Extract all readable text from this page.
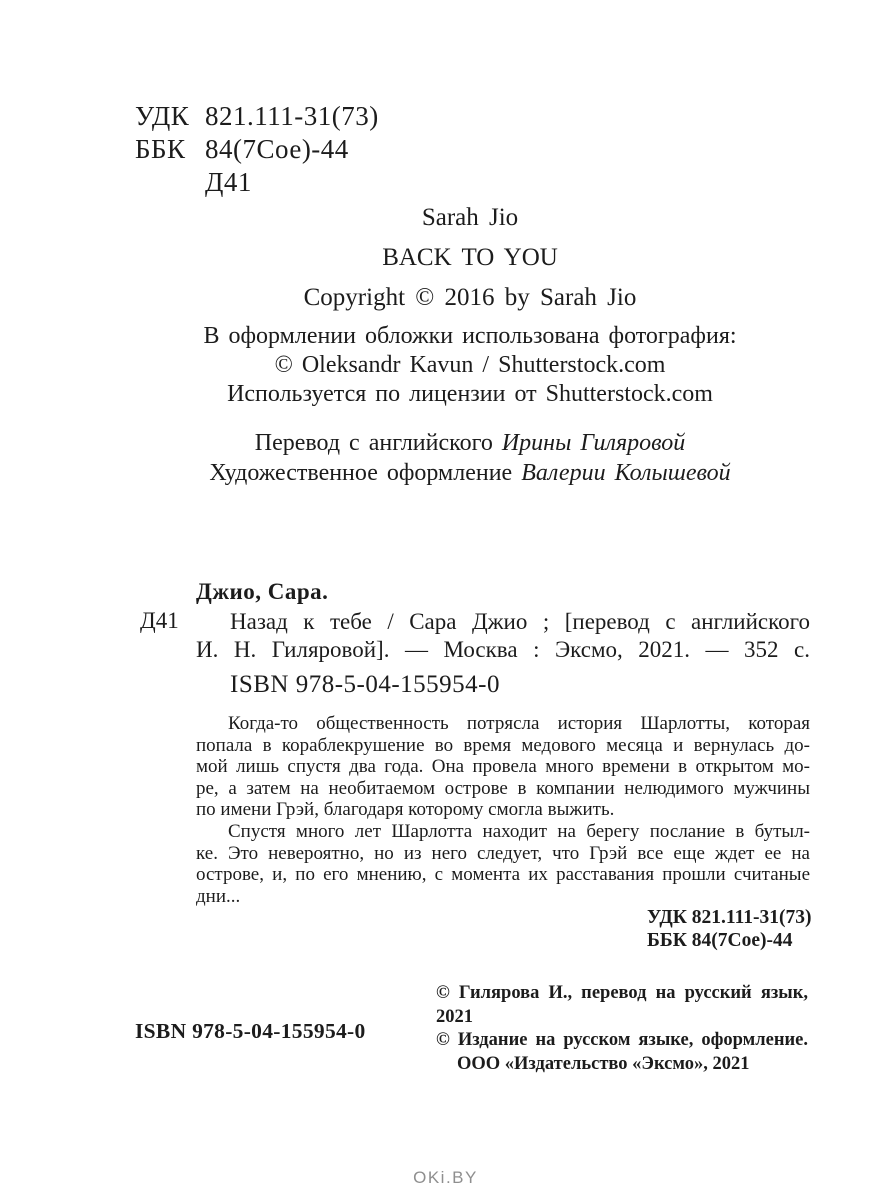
УДК 821.111-31(73)
ББК 84(7Сое)-44
Д41
Sarah Jio
BACK TO YOU
Copyright © 2016 by Sarah Jio
В оформлении обложки использована фотография:
© Oleksandr Kavun / Shutterstock.com
Используется по лицензии от Shutterstock.com
Перевод с английского Ирины Гиляровой
Художественное оформление Валерии Колышевой
Джио, Сара.
Д41	Назад к тебе / Сара Джио ; [перевод с английского
И. Н. Гиляровой]. — Москва : Эксмо, 2021. — 352 с.
ISBN 978-5-04-155954-0
Когда-то общественность потрясла история Шарлотты, которая
попала в кораблекрушение во время медового месяца и вернулась до-
мой лишь спустя два года. Она провела много времени в открытом мо-
ре, а затем на необитаемом острове в компании нелюдимого мужчины
по имени Грэй, благодаря которому смогла выжить.
Спустя много лет Шарлотта находит на берегу послание в бутыл-
ке. Это невероятно, но из него следует, что Грэй все еще ждет ее на
острове, и, по его мнению, с момента их расставания прошли считаные
дни...
УДК 821.111-31(73)
ББК 84(7Сое)-44
ISBN 978-5-04-155954-0
© Гилярова И., перевод на русский язык, 2021
© Издание на русском языке, оформление.
ООО «Издательство «Эксмо», 2021
OKi.BY
